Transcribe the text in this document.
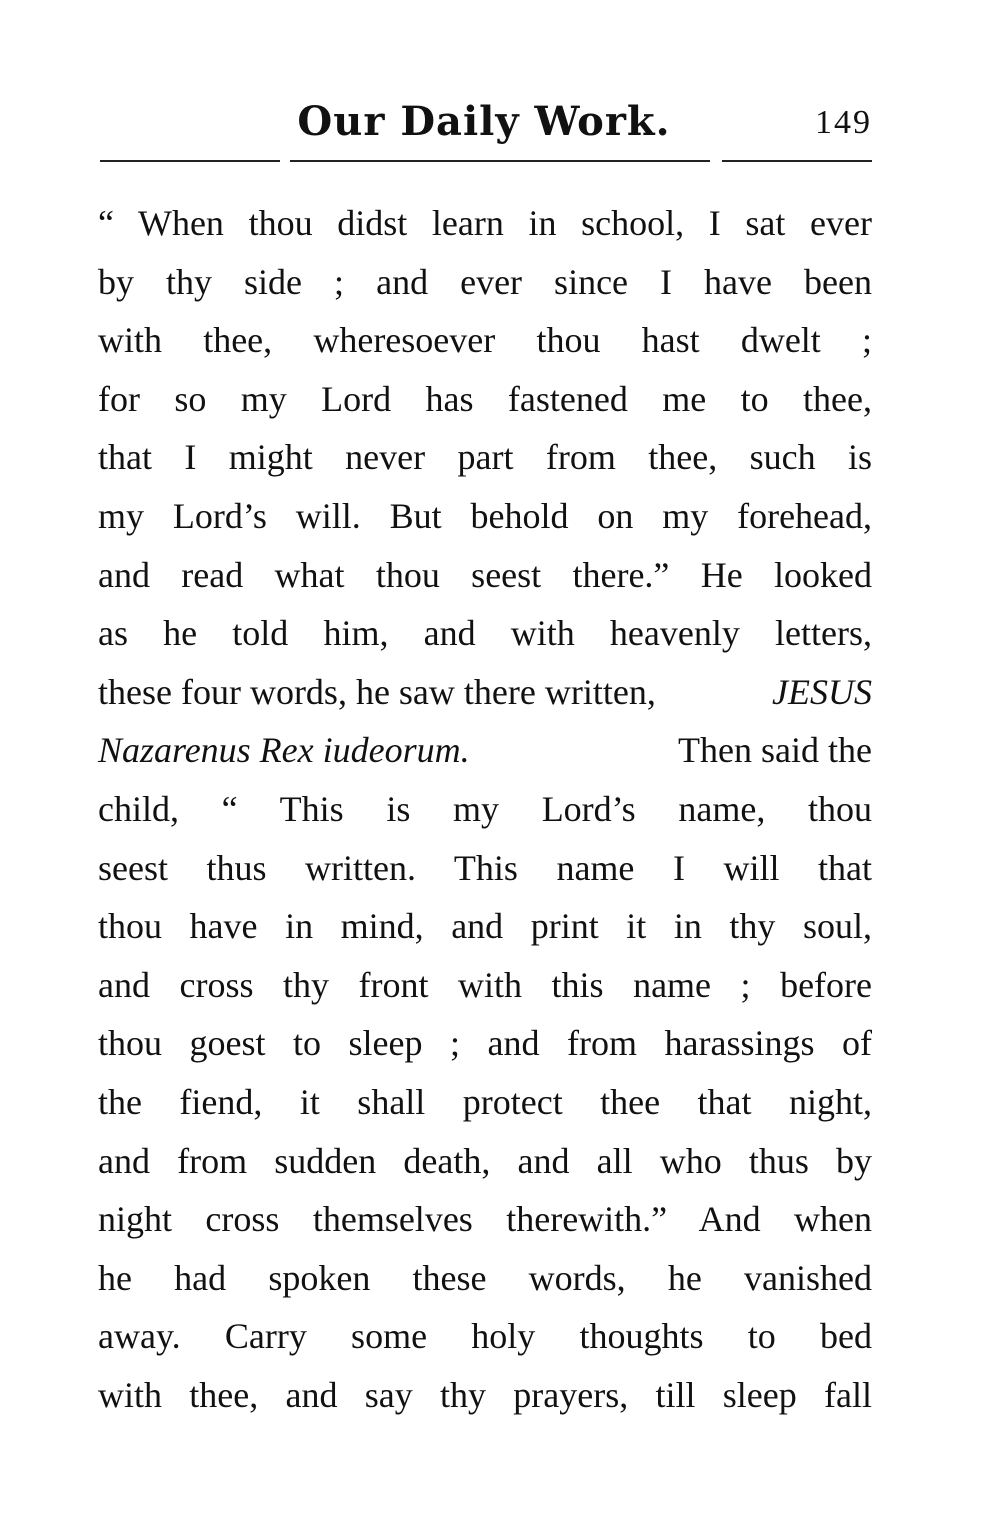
Our Daily Work.	149
“ When thou didst learn in school, I sat ever
by thy side ; and ever since I have been
with thee, wheresoever thou hast dwelt ;
for so my Lord has fastened me to thee,
that I might never part from thee, such is
my Lord’s will. But behold on my forehead,
and read what thou seest there.” He looked
as he told him, and with heavenly letters,
these four words, he saw there written,	JESUS
Nazarenus Rex iudeorum.	Then said the
child, “ This is my Lord’s name, thou
seest thus written. This name I will that
thou have in mind, and print it in thy soul,
and cross thy front with this name ; before
thou goest to sleep ; and from harassings of
the fiend, it shall protect thee that night,
and from sudden death, and all who thus by
night cross themselves therewith.” And when
he had spoken these words, he vanished
away. Carry some holy thoughts to bed
with thee, and say thy prayers, till sleep fall
